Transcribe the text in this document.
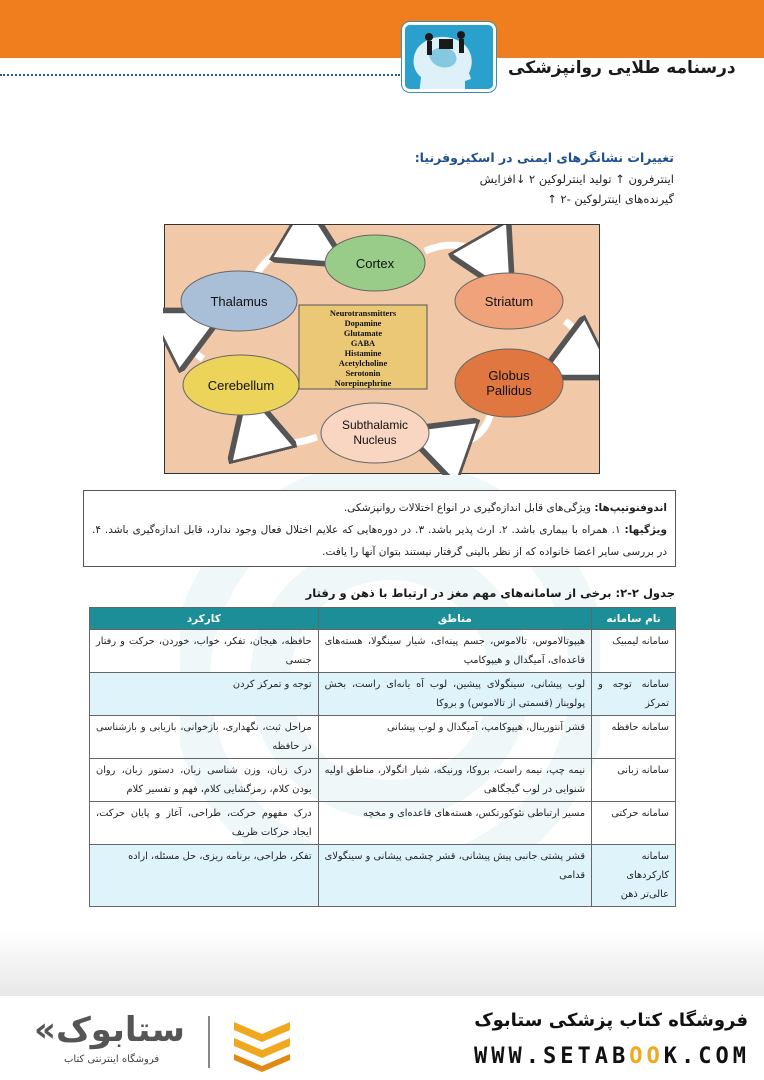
درسنامه طلایی روانپزشکی
تغییرات نشانگرهای ایمنی در اسکیزوفرنیا:
اینترفرون ↑ تولید اینترلوکین ۲ ↓افزایش
گیرنده‌های اینترلوکین -۲ ↑
Cortex
Striatum
Globus
Pallidus
Subthalamic
Nucleus
Cerebellum
Thalamus
Neurotransmitters
Dopamine
Glutamate
GABA
Histamine
Acetylcholine
Serotonin
Norepinephrine

اندوفنوتیپ‌ها: ویژگی‌های قابل اندازه‌گیری در انواع اختلالات روانپزشکی.

ویژگیها: ۱. همراه با بیماری باشد. ۲. ارث پذیر باشد. ۳. در دوره‌هایی که علایم اختلال فعال وجود ندارد، قابل اندازه‌گیری باشد. ۴. در بررسی سایر اعضا خانواده که از نظر بالینی گرفتار نیستند بتوان آنها را یافت.

جدول ۲-۲: برخی از سامانه‌های مهم مغز در ارتباط با ذهن و رفتار
نام سامانه	مناطق	کارکرد
سامانه لیمبیک	هیپوتالاموس، تالاموس، جسم پینه‌ای، شیار سینگولا، هسته‌های قاعده‌ای، آمیگدال و هیپوکامپ	حافظه، هیجان، تفکر، خواب، خوردن، حرکت و رفتار جنسی
سامانه توجه و تمرکز	لوب پیشانی، سینگولای پیشین، لوب آه یانه‌ای راست، بخش پولوینار (قسمتی از تالاموس) و بروکا	توجه و تمرکز کردن
سامانه حافظه	قشر آنتورینال، هیپوکامپ، آمیگدال و لوب پیشانی	مراحل ثبت، نگهداری، بازخوانی، بازیابی و بازشناسی در حافظه
سامانه زبانی	نیمه چپ، نیمه راست، بروکا، ورنیکه، شیار انگولار، مناطق اولیه شنوایی در لوب گیجگاهی	درک زبان، وزن شناسی زبان، دستور زبان، روان بودن کلام، رمزگشایی کلام، فهم و تفسیر کلام
سامانه حرکتی	مسیر ارتباطی نئوکورتکس، هسته‌های قاعده‌ای و مخچه	درک مفهوم حرکت، طراحی، آغاز و پایان حرکت، ایجاد حرکات ظریف
سامانه کارکردهای عالی‌تر ذهن	قشر پشتی جانبی پیش پیشانی، قشر چشمی پیشانی و سینگولای قدامی	تفکر، طراحی، برنامه ریزی، حل مسئله، اراده
فروشگاه کتاب پزشکی ستابوک
WWW.SETABOOK.COM
«ستابوک
فروشگاه اینترنتی کتاب
